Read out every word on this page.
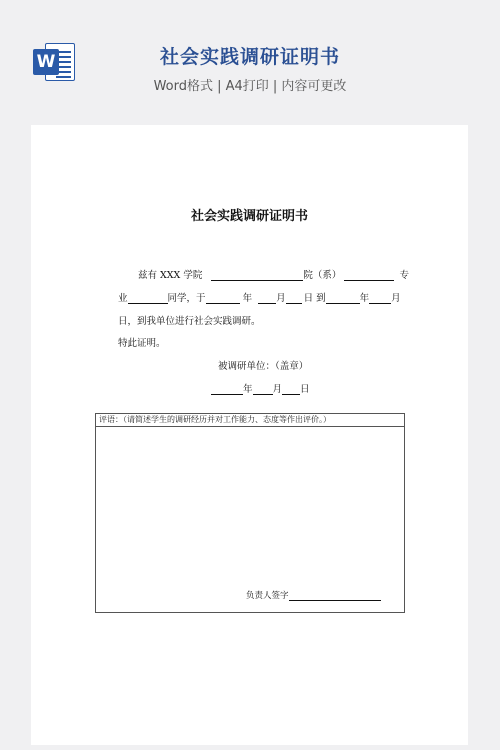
W	社会实践调研证明书
Word格式 | A4打印 | 内容可更改
社会实践调研证明书
兹有 XXX 学院	院（系）	专
业	同学，于	年	月 日 到	年 月
日，到我单位进行社会实践调研。
特此证明。
被调研单位：（盖章）
年 月 日
评语：（请简述学生的调研经历并对工作能力、态度等作出评价。）
负责人签字
